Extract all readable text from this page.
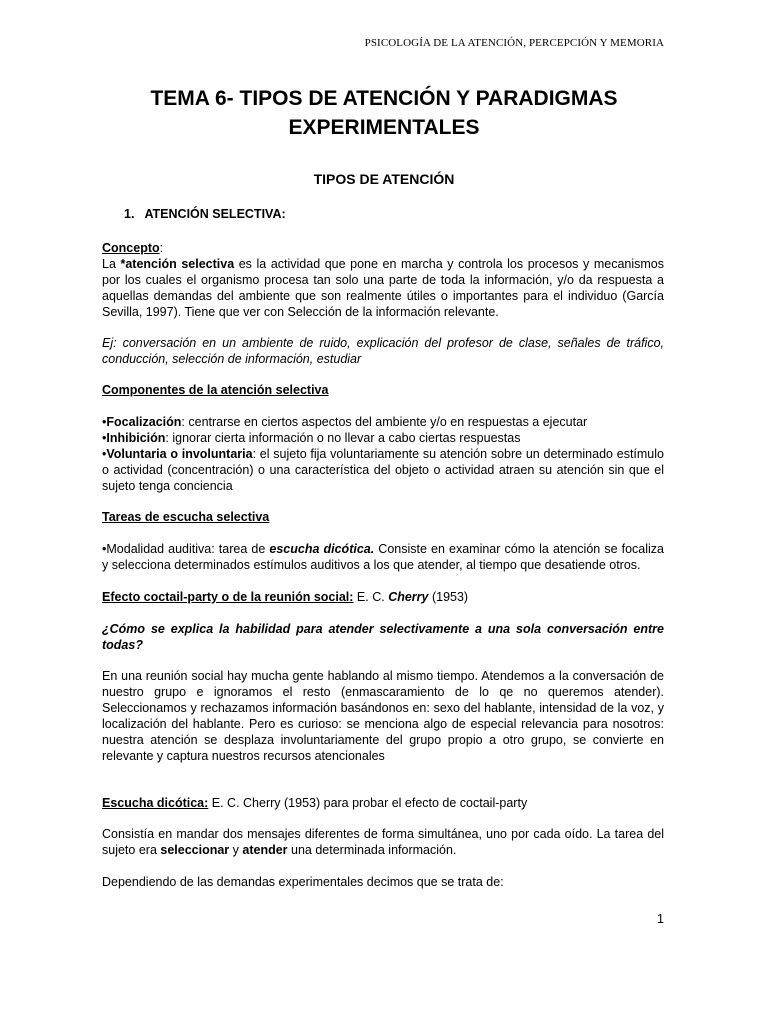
PSICOLOGÍA DE LA ATENCIÓN, PERCEPCIÓN Y MEMORIA
TEMA 6- TIPOS DE ATENCIÓN Y PARADIGMAS
EXPERIMENTALES
TIPOS DE ATENCIÓN
1. ATENCIÓN SELECTIVA:

Concepto:

La *atención selectiva es la actividad que pone en marcha y controla los procesos y mecanismos por los cuales el organismo procesa tan solo una parte de toda la información, y/o da respuesta a aquellas demandas del ambiente que son realmente útiles o importantes para el individuo (García Sevilla, 1997). Tiene que ver con Selección de la información relevante.

Ej: conversación en un ambiente de ruido, explicación del profesor de clase, señales de tráfico, conducción, selección de información, estudiar
Componentes de la atención selectiva

•Focalización: centrarse en ciertos aspectos del ambiente y/o en respuestas a ejecutar

•Inhibición: ignorar cierta información o no llevar a cabo ciertas respuestas

•Voluntaria o involuntaria: el sujeto fija voluntariamente su atención sobre un determinado estímulo o actividad (concentración) o una característica del objeto o actividad atraen su atención sin que el sujeto tenga conciencia

Tareas de escucha selectiva
•Modalidad auditiva: tarea de escucha dicótica. Consiste en examinar cómo la atención se focaliza y selecciona determinados estímulos auditivos a los que atender, al tiempo que desatiende otros.
Efecto coctail-party o de la reunión social: E. C. Cherry (1953)
¿Cómo se explica la habilidad para atender selectivamente a una sola conversación entre todas?
En una reunión social hay mucha gente hablando al mismo tiempo. Atendemos a la conversación de nuestro grupo e ignoramos el resto (enmascaramiento de lo qe no queremos atender). Seleccionamos y rechazamos información basándonos en: sexo del hablante, intensidad de la voz, y localización del hablante. Pero es curioso: se menciona algo de especial relevancia para nosotros: nuestra atención se desplaza involuntariamente del grupo propio a otro grupo, se convierte en relevante y captura nuestros recursos atencionales
Escucha dicótica: E. C. Cherry (1953) para probar el efecto de coctail-party
Consistía en mandar dos mensajes diferentes de forma simultánea, uno por cada oído. La tarea del sujeto era seleccionar y atender una determinada información.
Dependiendo de las demandas experimentales decimos que se trata de:
1
